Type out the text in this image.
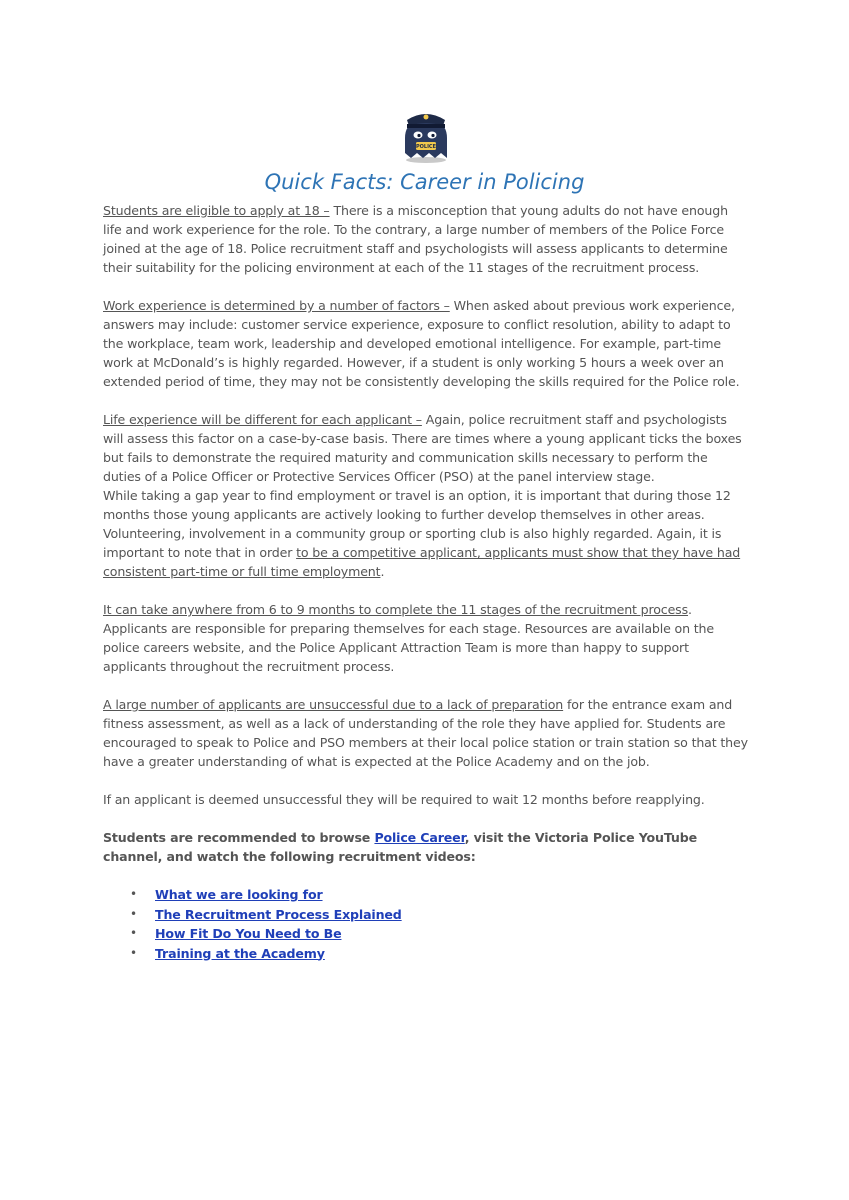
POLICE
Quick Facts: Career in Policing

Students are eligible to apply at 18 – There is a misconception that young adults do not have enough life and work experience for the role. To the contrary, a large number of members of the Police Force joined at the age of 18. Police recruitment staff and psychologists will assess applicants to determine their suitability for the policing environment at each of the 11 stages of the recruitment process.

Work experience is determined by a number of factors – When asked about previous work experience, answers may include: customer service experience, exposure to conflict resolution, ability to adapt to the workplace, team work, leadership and developed emotional intelligence. For example, part-time work at McDonald’s is highly regarded. However, if a student is only working 5 hours a week over an extended period of time, they may not be consistently developing the skills required for the Police role.

Life experience will be different for each applicant – Again, police recruitment staff and psychologists will assess this factor on a case-by-case basis. There are times where a young applicant ticks the boxes but fails to demonstrate the required maturity and communication skills necessary to perform the duties of a Police Officer or Protective Services Officer (PSO) at the panel interview stage.
While taking a gap year to find employment or travel is an option, it is important that during those 12 months those young applicants are actively looking to further develop themselves in other areas. Volunteering, involvement in a community group or sporting club is also highly regarded. Again, it is important to note that in order to be a competitive applicant, applicants must show that they have had consistent part-time or full time employment.

It can take anywhere from 6 to 9 months to complete the 11 stages of the recruitment process. Applicants are responsible for preparing themselves for each stage. Resources are available on the police careers website, and the Police Applicant Attraction Team is more than happy to support applicants throughout the recruitment process.

A large number of applicants are unsuccessful due to a lack of preparation for the entrance exam and fitness assessment, as well as a lack of understanding of the role they have applied for. Students are encouraged to speak to Police and PSO members at their local police station or train station so that they have a greater understanding of what is expected at the Police Academy and on the job.

If an applicant is deemed unsuccessful they will be required to wait 12 months before reapplying.

Students are recommended to browse Police Career, visit the Victoria Police YouTube channel, and watch the following recruitment videos:

• What we are looking for
• The Recruitment Process Explained
• How Fit Do You Need to Be
• Training at the Academy
